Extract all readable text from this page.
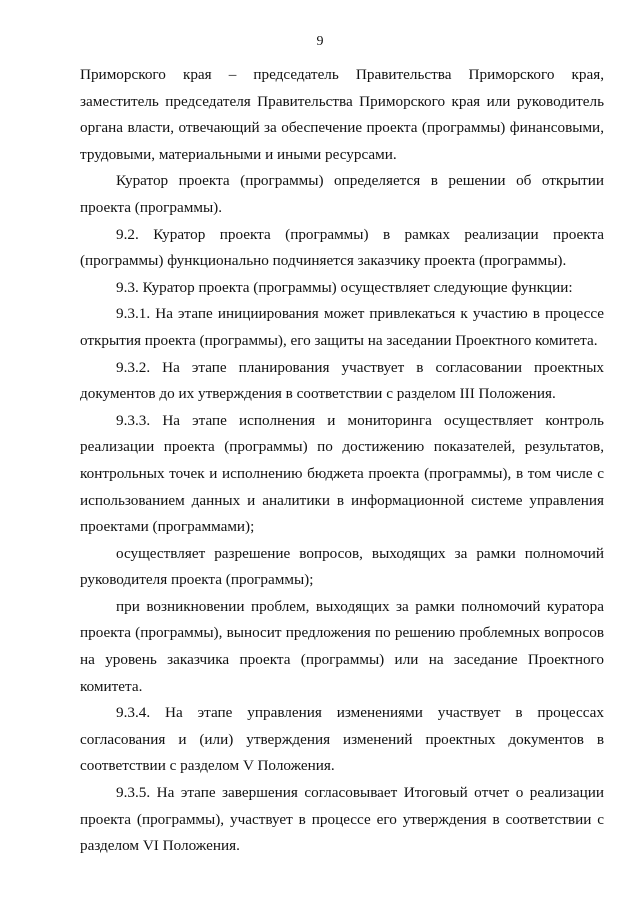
9

Приморского края – председатель Правительства Приморского края, заместитель председателя Правительства Приморского края или руководитель органа власти, отвечающий за обеспечение проекта (программы) финансовыми, трудовыми, материальными и иными ресурсами.

Куратор проекта (программы) определяется в решении об открытии проекта (программы).

9.2. Куратор проекта (программы) в рамках реализации проекта (программы) функционально подчиняется заказчику проекта (программы).

9.3. Куратор проекта (программы) осуществляет следующие функции:

9.3.1. На этапе инициирования может привлекаться к участию в процессе открытия проекта (программы), его защиты на заседании Проектного комитета.

9.3.2. На этапе планирования участвует в согласовании проектных документов до их утверждения в соответствии с разделом III Положения.

9.3.3. На этапе исполнения и мониторинга осуществляет контроль реализации проекта (программы) по достижению показателей, результатов, контрольных точек и исполнению бюджета проекта (программы), в том числе с использованием данных и аналитики в информационной системе управления проектами (программами);

осуществляет разрешение вопросов, выходящих за рамки полномочий руководителя проекта (программы);

при возникновении проблем, выходящих за рамки полномочий куратора проекта (программы), выносит предложения по решению проблемных вопросов на уровень заказчика проекта (программы) или на заседание Проектного комитета.

9.3.4. На этапе управления изменениями участвует в процессах согласования и (или) утверждения изменений проектных документов в соответствии с разделом V Положения.

9.3.5. На этапе завершения согласовывает Итоговый отчет о реализации проекта (программы), участвует в процессе его утверждения в соответствии с разделом VI Положения.
